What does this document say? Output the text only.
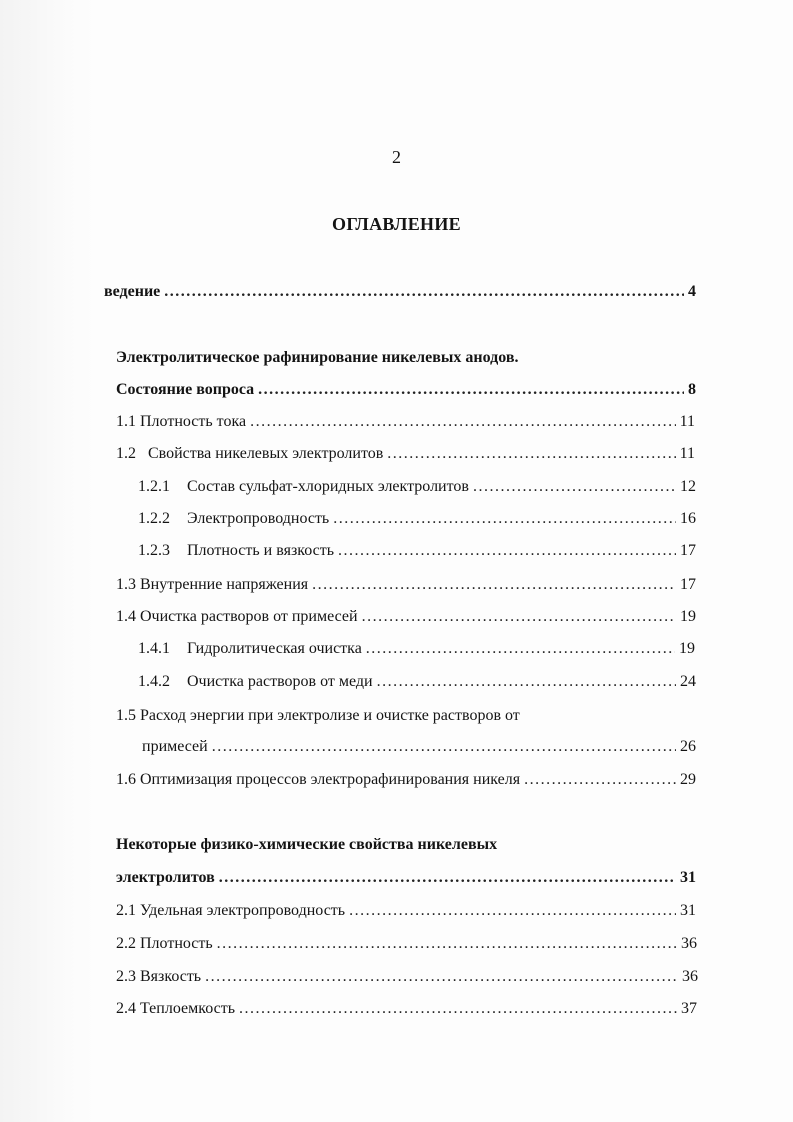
2
ОГЛАВЛЕНИЕ
ведение .....	4
Электролитическое рафинирование никелевых анодов.
Состояние вопроса .....	8
1.1 Плотность тока .....	11
1.2 Свойства никелевых электролитов .....	11
1.2.1 Состав сульфат-хлоридных электролитов .....	12
1.2.2 Электропроводность .....	16
1.2.3 Плотность и вязкость .....	17
1.3 Внутренние напряжения .....	17
1.4 Очистка растворов от примесей .....	19
1.4.1 Гидролитическая очистка .....	19
1.4.2 Очистка растворов от меди .....	24
1.5 Расход энергии при электролизе и очистке растворов от
примесей .....	26
1.6 Оптимизация процессов электрорафинирования никеля .....	29
Некоторые физико-химические свойства никелевых
электролитов .....	31
2.1 Удельная электропроводность .....	31
2.2 Плотность .....	36
2.3 Вязкость .....	36
2.4 Теплоемкость .....	37
